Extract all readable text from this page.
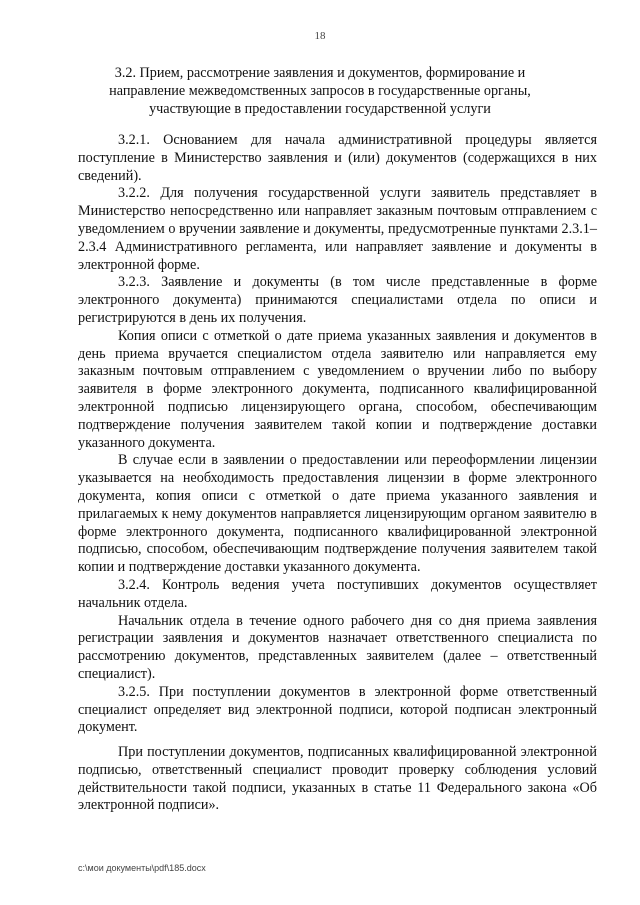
18
3.2. Прием, рассмотрение заявления и документов, формирование и направление межведомственных запросов в государственные органы, участвующие в предоставлении государственной услуги

3.2.1. Основанием для начала административной процедуры является поступление в Министерство заявления и (или) документов (содержащихся в них сведений).

3.2.2. Для получения государственной услуги заявитель представляет в Министерство непосредственно или направляет заказным почтовым отправлением с уведомлением о вручении заявление и документы, предусмотренные пунктами 2.3.1–2.3.4 Административного регламента, или направляет заявление и документы в электронной форме.

3.2.3. Заявление и документы (в том числе представленные в форме электронного документа) принимаются специалистами отдела по описи и регистрируются в день их получения.

Копия описи с отметкой о дате приема указанных заявления и документов в день приема вручается специалистом отдела заявителю или направляется ему заказным почтовым отправлением с уведомлением о вручении либо по выбору заявителя в форме электронного документа, подписанного квалифицированной электронной подписью лицензирующего органа, способом, обеспечивающим подтверждение получения заявителем такой копии и подтверждение доставки указанного документа.

В случае если в заявлении о предоставлении или переоформлении лицензии указывается на необходимость предоставления лицензии в форме электронного документа, копия описи с отметкой о дате приема указанного заявления и прилагаемых к нему документов направляется лицензирующим органом заявителю в форме электронного документа, подписанного квалифицированной электронной подписью, способом, обеспечивающим подтверждение получения заявителем такой копии и подтверждение доставки указанного документа.

3.2.4. Контроль ведения учета поступивших документов осуществляет начальник отдела.

Начальник отдела в течение одного рабочего дня со дня приема заявления регистрации заявления и документов назначает ответственного специалиста по рассмотрению документов, представленных заявителем (далее – ответственный специалист).

3.2.5. При поступлении документов в электронной форме ответственный специалист определяет вид электронной подписи, которой подписан электронный документ.

При поступлении документов, подписанных квалифицированной электронной подписью, ответственный специалист проводит проверку соблюдения условий действительности такой подписи, указанных в статье 11 Федерального закона «Об электронной подписи».

c:\мои документы\pdf\185.docx
